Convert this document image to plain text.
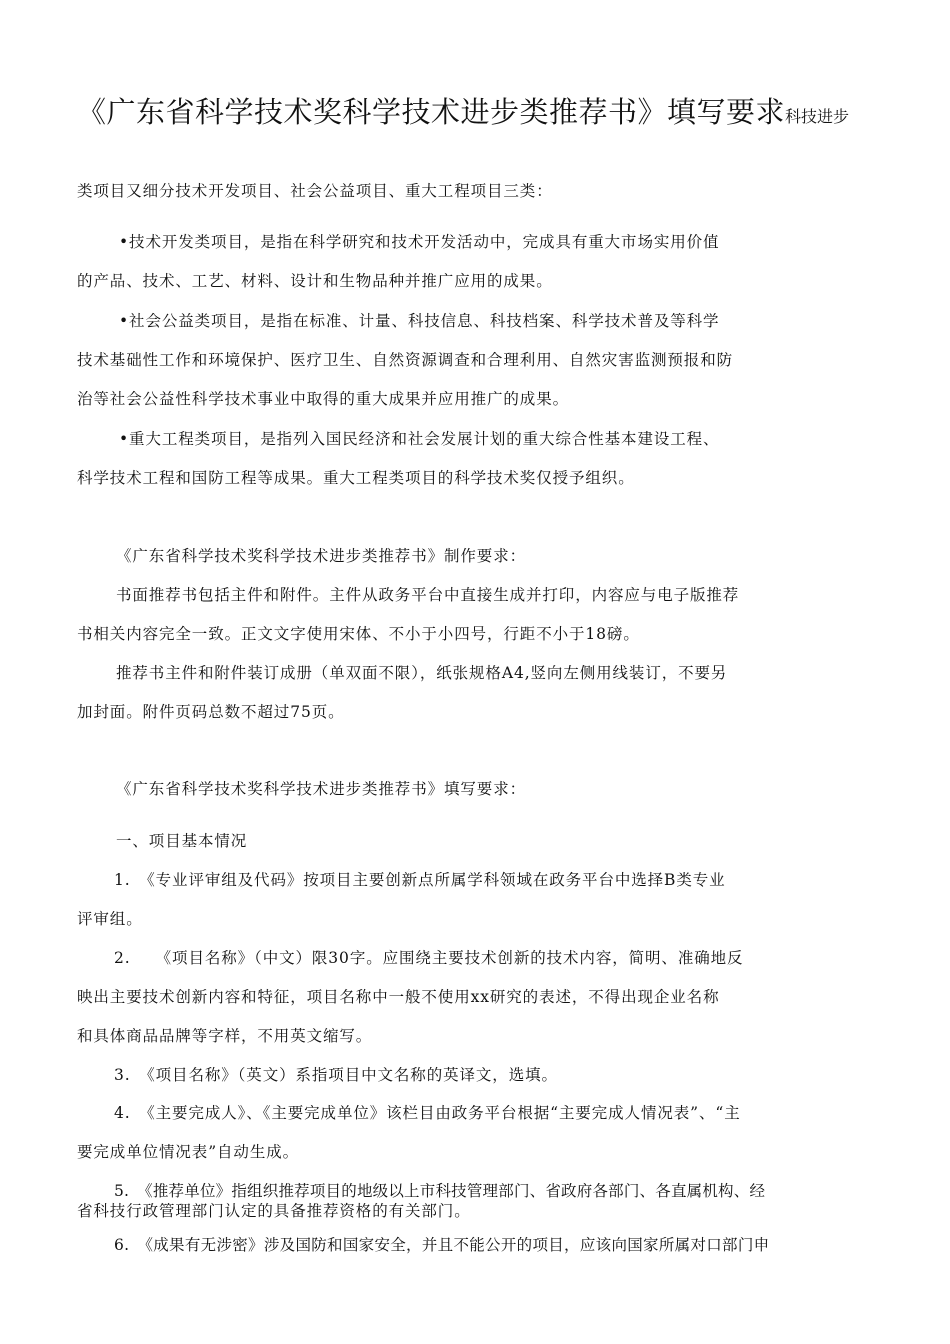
《广东省科学技术奖科学技术进步类推荐书》填写要求科技进步
类项目又细分技术开发项目、社会公益项目、重大工程项目三类：
•技术开发类项目，是指在科学研究和技术开发活动中，完成具有重大市场实用价值
的产品、技术、工艺、材料、设计和生物品种并推广应用的成果。
•社会公益类项目，是指在标准、计量、科技信息、科技档案、科学技术普及等科学
技术基础性工作和环境保护、医疗卫生、自然资源调查和合理利用、自然灾害监测预报和防
治等社会公益性科学技术事业中取得的重大成果并应用推广的成果。
•重大工程类项目，是指列入国民经济和社会发展计划的重大综合性基本建设工程、
科学技术工程和国防工程等成果。重大工程类项目的科学技术奖仅授予组织。
《广东省科学技术奖科学技术进步类推荐书》制作要求：
书面推荐书包括主件和附件。主件从政务平台中直接生成并打印，内容应与电子版推荐
书相关内容完全一致。正文文字使用宋体、不小于小四号，行距不小于18磅。
推荐书主件和附件装订成册（单双面不限），纸张规格A4,竖向左侧用线装订，不要另
加封面。附件页码总数不超过75页。
《广东省科学技术奖科学技术进步类推荐书》填写要求：
一、项目基本情况
1.　《专业评审组及代码》按项目主要创新点所属学科领域在政务平台中选择B类专业
评审组。
2.　　《项目名称》（中文）限30字。应围绕主要技术创新的技术内容，简明、准确地反
映出主要技术创新内容和特征，项目名称中一般不使用xx研究的表述，不得出现企业名称
和具体商品品牌等字样，不用英文缩写。
3.　《项目名称》（英文）系指项目中文名称的英译文，选填。
4.　《主要完成人》、《主要完成单位》该栏目由政务平台根据“主要完成人情况表”、“主
要完成单位情况表”自动生成。
5.　《推荐单位》指组织推荐项目的地级以上市科技管理部门、省政府各部门、各直属机构、经
省科技行政管理部门认定的具备推荐资格的有关部门。
6.　《成果有无涉密》涉及国防和国家安全，并且不能公开的项目，应该向国家所属对口部门申
